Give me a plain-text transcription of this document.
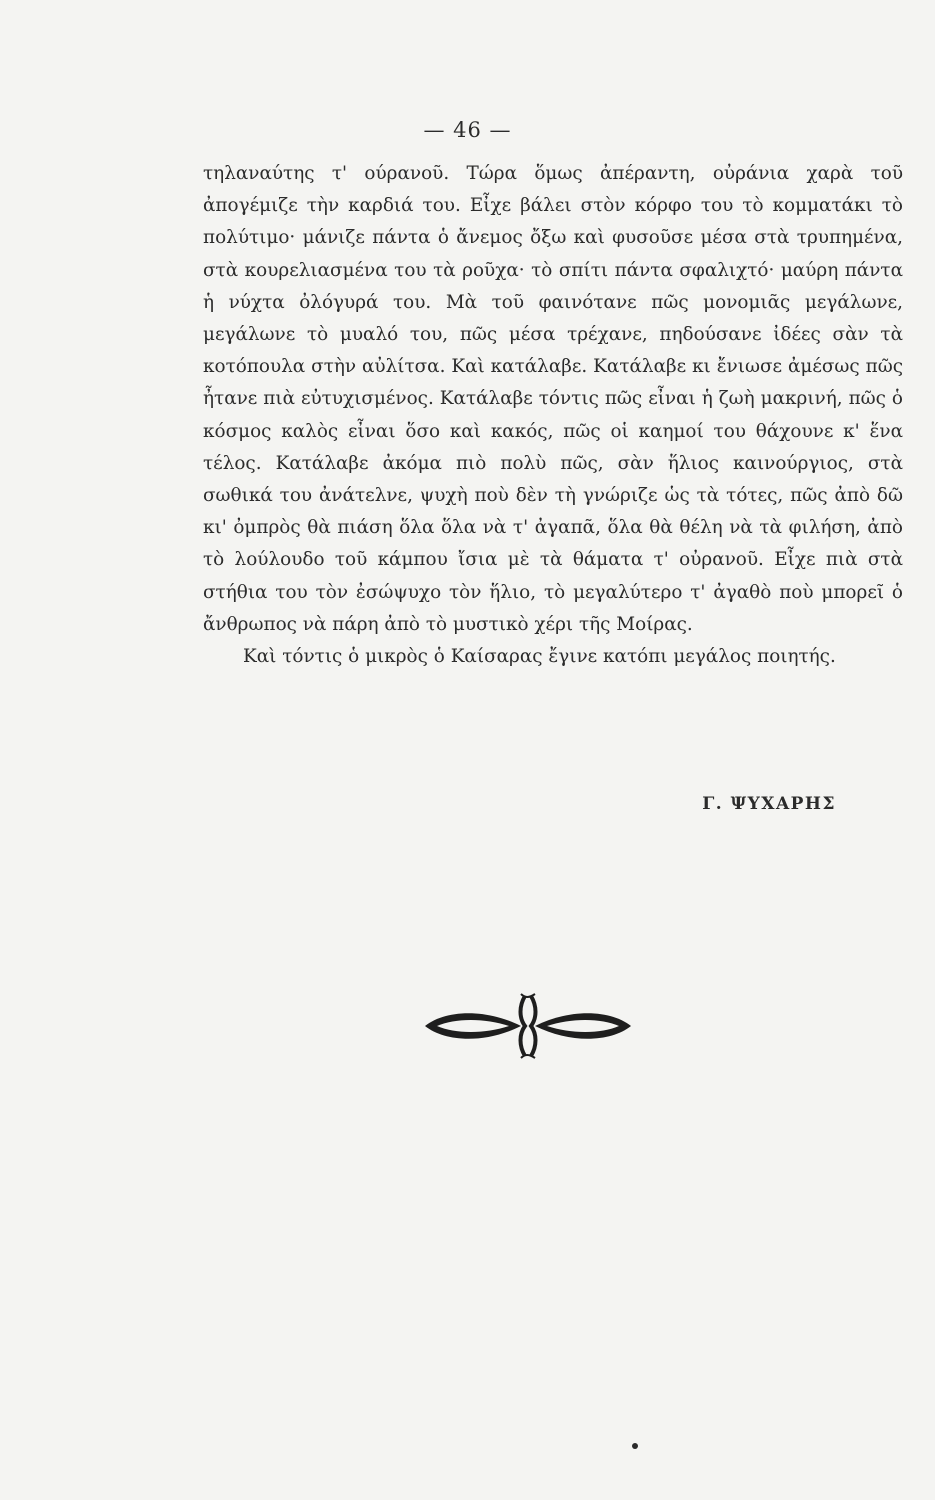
— 46 —

τηλαναύτης τ' ούρανοῦ. Τώρα ὅμως ἀπέραντη, οὐράνια χαρὰ τοῦ ἀπογέμιζε τὴν καρδιά του. Εἶχε βάλει στὸν κόρφο του τὸ κομματάκι τὸ πολύτιμο· μάνιζε πάντα ὁ ἄνεμος ὄξω καὶ φυσοῦσε μέσα στὰ τρυπημένα, στὰ κουρελιασμένα του τὰ ροῦχα· τὸ σπίτι πάντα σφαλιχτό· μαύρη πάντα ἡ νύχτα ὀλόγυρά του. Μὰ τοῦ φαινότανε πῶς μονομιᾶς μεγάλωνε, μεγάλωνε τὸ μυαλό του, πῶς μέσα τρέχανε, πηδούσανε ἰδέες σὰν τὰ κοτόπουλα στὴν αὐλίτσα. Καὶ κατάλαβε. Κατάλαβε κι ἔνιωσε ἀμέσως πῶς ἦτανε πιὰ εὐτυχισμένος. Κατάλαβε τόντις πῶς εἶναι ἡ ζωὴ μακρινή, πῶς ὁ κόσμος καλὸς εἶναι ὅσο καὶ κακός, πῶς οἱ καημοί του θάχουνε κ' ἕνα τέλος. Κατάλαβε ἀκόμα πιὸ πολὺ πῶς, σὰν ἥλιος καινούργιος, στὰ σωθικά του ἀνάτελνε, ψυχὴ ποὺ δὲν τὴ γνώριζε ὡς τὰ τότες, πῶς ἀπὸ δῶ κι' ὀμπρὸς θὰ πιάση ὅλα ὅλα νὰ τ' ἀγαπᾶ, ὅλα θὰ θέλη νὰ τὰ φιλήση, ἀπὸ τὸ λούλουδο τοῦ κάμπου ἴσια μὲ τὰ θάματα τ' οὐρανοῦ. Εἶχε πιὰ στὰ στήθια του τὸν ἐσώψυχο τὸν ἥλιο, τὸ μεγαλύτερο τ' ἀγαθὸ ποὺ μπορεῖ ὁ ἄνθρωπος νὰ πάρη ἀπὸ τὸ μυστικὸ χέρι τῆς Μοίρας.

Καὶ τόντις ὁ μικρὸς ὁ Καίσαρας ἔγινε κατόπι μεγάλος ποιητής.

Γ. ΨΥΧΑΡΗΣ
